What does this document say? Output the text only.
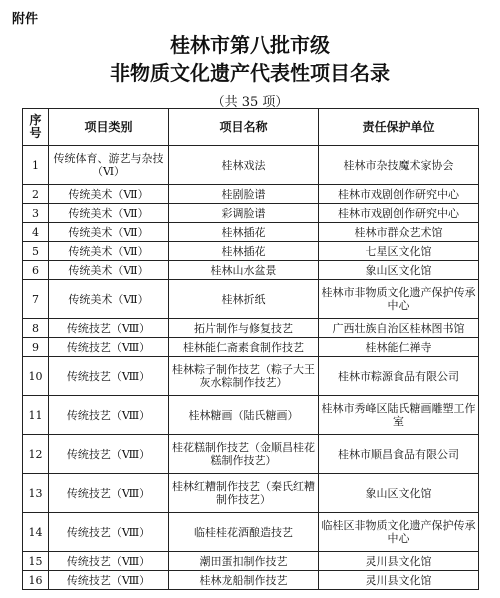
附件
桂林市第八批市级
非物质文化遗产代表性项目名录
（共 35 项）
序号	项目类别	项目名称	责任保护单位
1	传统体育、游艺与杂技（Ⅵ）	桂林戏法	桂林市杂技魔术家协会
2	传统美术（Ⅶ）	桂剧脸谱	桂林市戏剧创作研究中心
3	传统美术（Ⅶ）	彩调脸谱	桂林市戏剧创作研究中心
4	传统美术（Ⅶ）	桂林插花	桂林市群众艺术馆
5	传统美术（Ⅶ）	桂林插花	七星区文化馆
6	传统美术（Ⅶ）	桂林山水盆景	象山区文化馆
7	传统美术（Ⅶ）	桂林折纸	桂林市非物质文化遗产保护传承中心
8	传统技艺（Ⅷ）	拓片制作与修复技艺	广西壮族自治区桂林图书馆
9	传统技艺（Ⅷ）	桂林能仁斋素食制作技艺	桂林能仁禅寺
10	传统技艺（Ⅷ）	桂林粽子制作技艺（粽子大王灰水粽制作技艺）	桂林市粽源食品有限公司
11	传统技艺（Ⅷ）	桂林糖画（陆氏糖画）	桂林市秀峰区陆氏糖画雕塑工作室
12	传统技艺（Ⅷ）	桂花糕制作技艺（金顺昌桂花糕制作技艺）	桂林市顺昌食品有限公司
13	传统技艺（Ⅷ）	桂林红糟制作技艺（秦氏红糟制作技艺）	象山区文化馆
14	传统技艺（Ⅷ）	临桂桂花酒酿造技艺	临桂区非物质文化遗产保护传承中心
15	传统技艺（Ⅷ）	潮田蛋扣制作技艺	灵川县文化馆
16	传统技艺（Ⅷ）	桂林龙船制作技艺	灵川县文化馆
